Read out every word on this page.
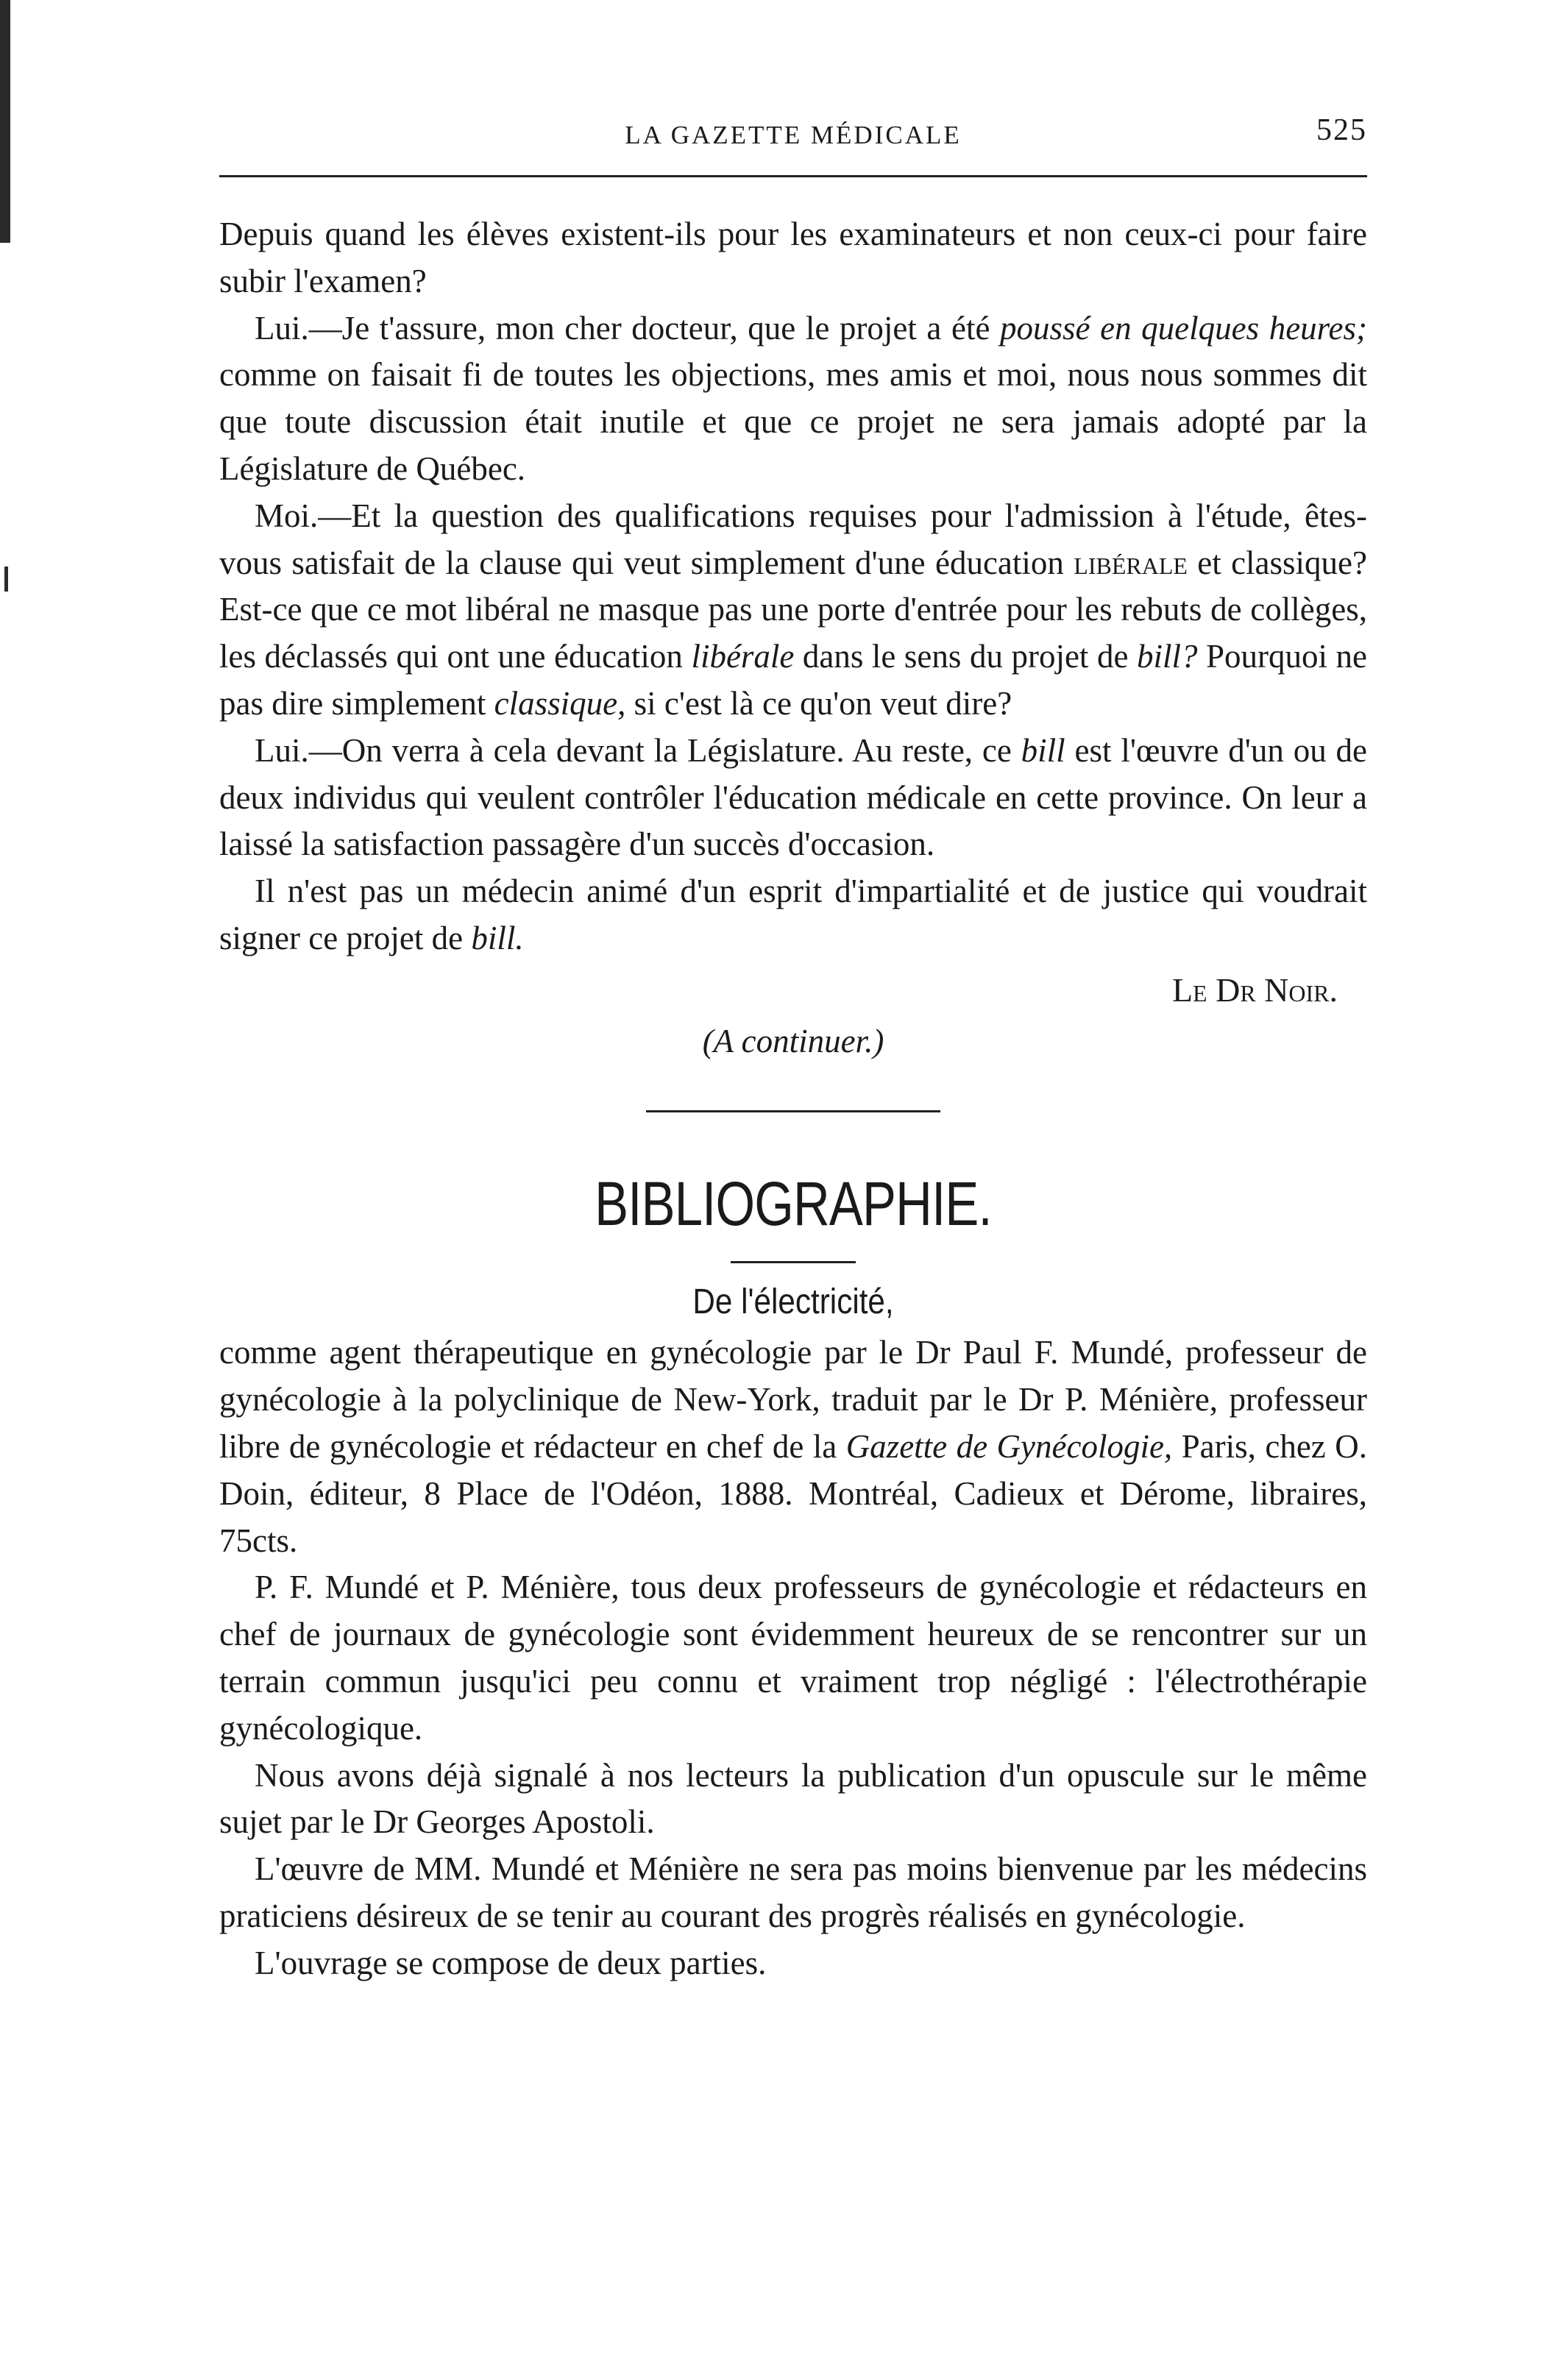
LA GAZETTE MÉDICALE	525

Depuis quand les élèves existent-ils pour les examinateurs et non ceux-ci pour faire subir l'examen?

Lui.—Je t'assure, mon cher docteur, que le projet a été poussé en quelques heures; comme on faisait fi de toutes les objections, mes amis et moi, nous nous sommes dit que toute discussion était inutile et que ce projet ne sera jamais adopté par la Législature de Québec.

Moi.—Et la question des qualifications requises pour l'admission à l'étude, êtes-vous satisfait de la clause qui veut simplement d'une éducation libérale et classique? Est-ce que ce mot libéral ne masque pas une porte d'entrée pour les rebuts de collèges, les déclassés qui ont une éducation libérale dans le sens du projet de bill? Pourquoi ne pas dire simplement classique, si c'est là ce qu'on veut dire?

Lui.—On verra à cela devant la Législature. Au reste, ce bill est l'œuvre d'un ou de deux individus qui veulent contrôler l'éducation médicale en cette province. On leur a laissé la satisfaction passagère d'un succès d'occasion.

Il n'est pas un médecin animé d'un esprit d'impartialité et de justice qui voudrait signer ce projet de bill.

Le Dr Noir.
(A continuer.)
BIBLIOGRAPHIE.
De l'électricité,

comme agent thérapeutique en gynécologie par le Dr Paul F. Mundé, professeur de gynécologie à la polyclinique de New-York, traduit par le Dr P. Ménière, professeur libre de gynécologie et rédacteur en chef de la Gazette de Gynécologie, Paris, chez O. Doin, éditeur, 8 Place de l'Odéon, 1888. Montréal, Cadieux et Dérome, libraires, 75cts.

P. F. Mundé et P. Ménière, tous deux professeurs de gynécologie et rédacteurs en chef de journaux de gynécologie sont évidemment heureux de se rencontrer sur un terrain commun jusqu'ici peu connu et vraiment trop négligé : l'électrothérapie gynécologique.

Nous avons déjà signalé à nos lecteurs la publication d'un opuscule sur le même sujet par le Dr Georges Apostoli.

L'œuvre de MM. Mundé et Ménière ne sera pas moins bienvenue par les médecins praticiens désireux de se tenir au courant des progrès réalisés en gynécologie.

L'ouvrage se compose de deux parties.
